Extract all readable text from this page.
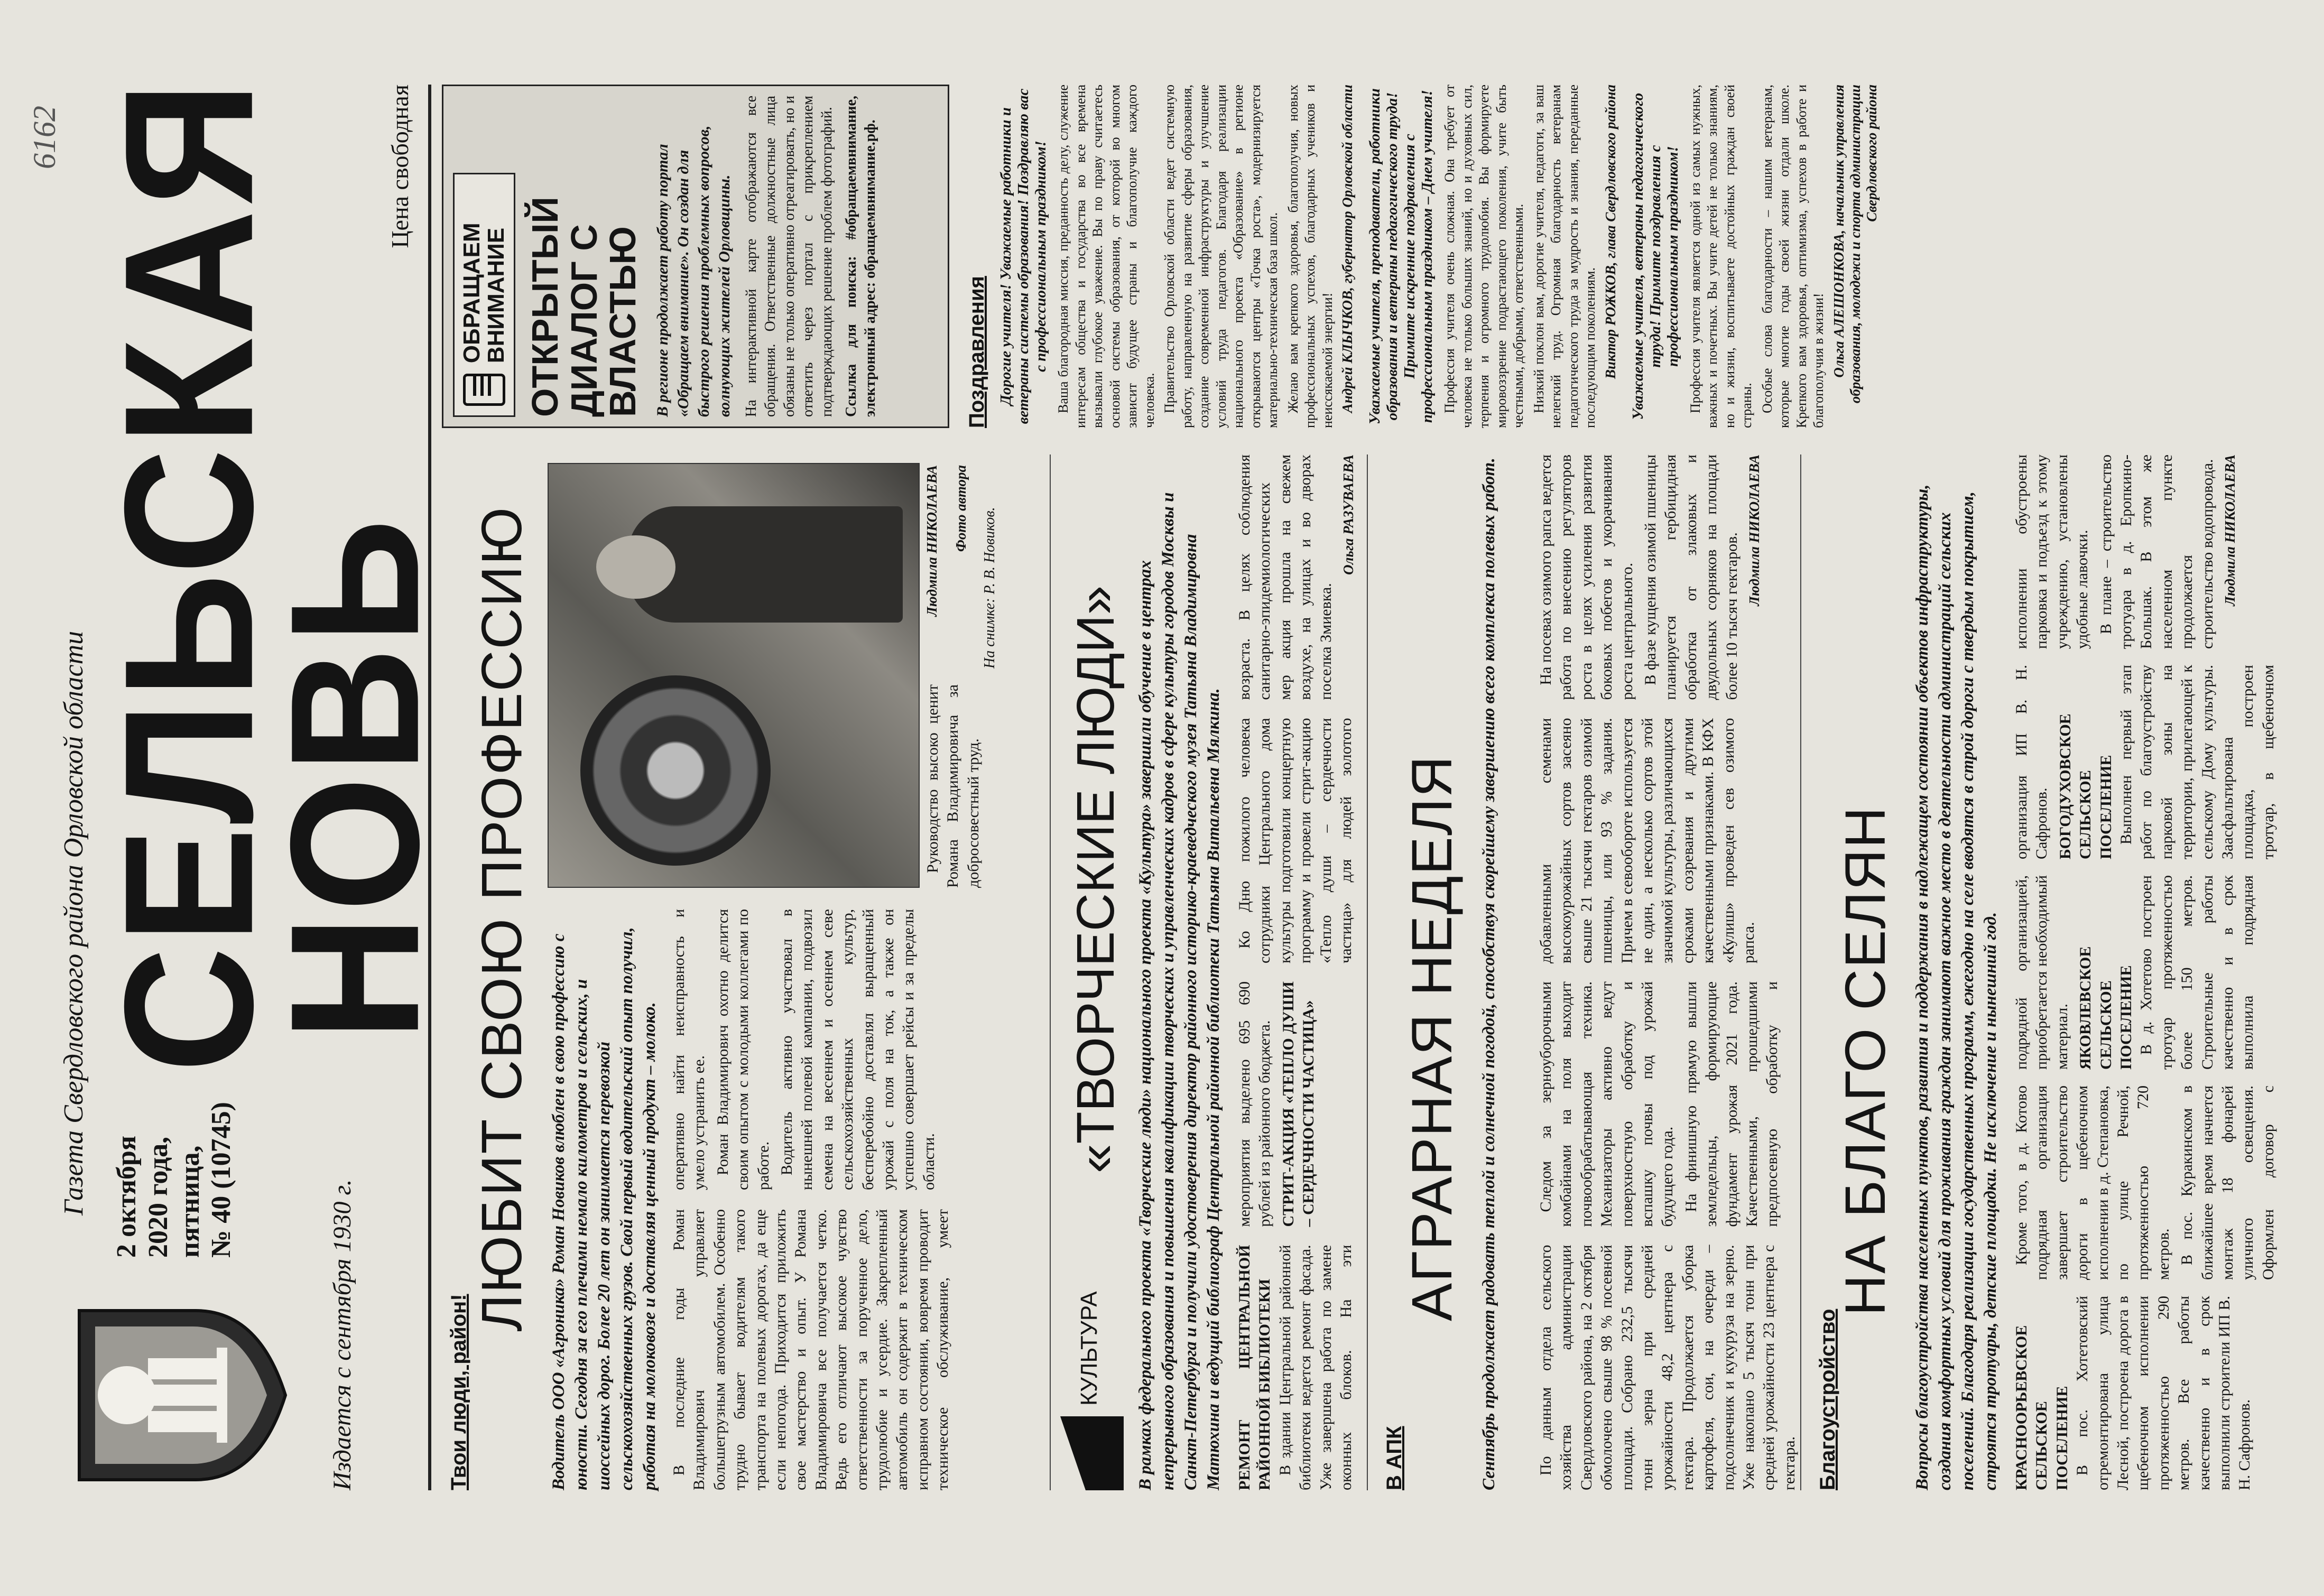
Газета Свердловского района Орловской области
6162
2 октября 2020 года, пятница, № 40 (10745)
СЕЛЬСКАЯ
НОВЬ
Издается с сентября 1930 г.
Цена свободная
Твои люди, район!
ЛЮБИТ СВОЮ ПРОФЕССИЮ Водитель ООО «Агроника» Роман Новиков влюблен в свою профессию с юности. Сегодня за его плечами немало километров и сельских, и шоссейных дорог. Более 20 лет он занимается перевозкой сельскохозяйственных грузов. Свой первый водительский опыт получил, работая на молоковозе и доставляя ценный продукт – молоко. В последние годы Роман Владимирович управляет большегрузным автомобилем. Особенно трудно бывает водителям такого транспорта на полевых дорогах, да еще если непогода. Приходится приложить свое мастерство и опыт. У Романа Владимировича все получается четко. Ведь его отличают высокое чувство ответственности за порученное дело, трудолюбие и усердие. Закрепленный автомобиль он содержит в техническом исправном состоянии, вовремя проводит техническое обслуживание, умеет оперативно найти неисправность и умело устранить ее. Роман Владимирович охотно делится своим опытом с молодыми коллегами по работе. Водитель активно участвовал в нынешней полевой кампании, подвозил семена на весеннем и осеннем севе сельскохозяйственных культур, бесперебойно доставлял выращенный урожай с поля на ток, а также он успешно совершает рейсы и за пределы области.

Руководство высоко ценит Романа Владимировича за добросовестный труд.

Людмила НИКОЛАЕВА Фото автора На снимке: Р. В. Новиков.
КУЛЬТУРА
«ТВОРЧЕСКИЕ ЛЮДИ» В рамках федерального проекта «Творческие люди» национального проекта «Культура» завершили обучение в центрах непрерывного образования и повышения квалификации творческих и управленческих кадров в сфере культуры городов Москвы и Санкт-Петербурга и получили удостоверения директор районного историко-краеведческого музея Татьяна Владимировна Матюхина и ведущий библиограф Центральной районной библиотеки Татьяна Витальевна Мялкина. РЕМОНТ ЦЕНТРАЛЬНОЙ РАЙОННОЙ БИБЛИОТЕКИ В здании Центральной районной библиотеки ведется ремонт фасада. Уже завершена работа по замене оконных блоков. На эти мероприятия выделено 695 690 рублей из районного бюджета. СТРИТ-АКЦИЯ «ТЕПЛО ДУШИ – СЕРДЕЧНОСТИ ЧАСТИЦА»

Ко Дню пожилого человека сотрудники Центрального дома культуры подготовили концертную программу и провели стрит-акцию «Тепло души – сердечности частица» для людей золотого возраста. В целях соблюдения санитарно-эпидемиологических мер акция прошла на свежем воздухе, на улицах и во дворах поселка Змиевка.

Ольга РАЗУВАЕВА
В АПК
АГРАРНАЯ НЕДЕЛЯ Сентябрь продолжает радовать теплой и солнечной погодой, способствуя скорейшему завершению всего комплекса полевых работ. По данным отдела сельского хозяйства администрации Свердловского района, на 2 октября обмолочено свыше 98 % посевной площади. Собрано 232,5 тысячи тонн зерна при средней урожайности 48,2 центнера с гектара. Продолжается уборка картофеля, сои, на очереди – подсолнечник и кукуруза на зерно. Уже накопано 5 тысяч тонн при средней урожайности 23 центнера с гектара.

Следом за зерноуборочными комбайнами на поля выходит почвообрабатывающая техника. Механизаторы активно ведут поверхностную обработку и вспашку почвы под урожай будущего года. На финишную прямую вышли земледельцы, формирующие фундамент урожая 2021 года. Качественными, прошедшими предпосевную обработку и добавленными семенами высокоурожайных сортов засеяно свыше 21 тысячи гектаров озимой пшеницы, или 93 % задания. Причем в севообороте используется не один, а несколько сортов этой значимой культуры, различающихся сроками созревания и другими качественными признаками. В КФХ «Кулиш» проведен сев озимого рапса.

На посевах озимого рапса ведется работа по внесению регуляторов роста в целях усиления развития боковых побегов и укорачивания роста центрального. В фазе кущения озимой пшеницы планируется гербицидная обработка от злаковых и двудольных сорняков на площади более 10 тысяч гектаров.

Людмила НИКОЛАЕВА
Благоустройство
НА БЛАГО СЕЛЯН Вопросы благоустройства населенных пунктов, развития и поддержания в надлежащем состоянии объектов инфраструктуры, создания комфортных условий для проживания граждан занимают важное место в деятельности администраций сельских поселений. Благодаря реализации государственных программ, ежегодно на селе вводятся в строй дороги с твердым покрытием, строятся тротуары, детские площадки. Не исключение и нынешний год. КРАСНООРЬЕВСКОЕ СЕЛЬСКОЕ ПОСЕЛЕНИЕ В пос. Хотетовский отремонтирована улица Лесной, построена дорога в щебеночном исполнении протяженностью 290 метров. Все работы качественно и в срок выполнили строители ИП В. Н. Сафронов.

Кроме того, в д. Котово подрядная организация завершает строительство дороги в щебеночном исполнении в д. Степановка, по улице Речной, протяженностью 720 метров. В пос. Куракинском в ближайшее время начнется монтаж 18 фонарей уличного освещения. Оформлен договор с подрядной организацией, приобретается необходимый материал. ЯКОВЛЕВСКОЕ СЕЛЬСКОЕ ПОСЕЛЕНИЕ В д. Хотетово построен тротуар протяженностью более 150 метров. Строительные работы качественно и в срок выполнила подрядная организация ИП В. Н. Сафронов. БОГОДУХОВСКОЕ СЕЛЬСКОЕ ПОСЕЛЕНИЕ Выполнен первый этап работ по благоустройству парковой зоны на территории, прилегающей к сельскому Дому культуры. Заасфальтирована площадка, построен тротуар, в щебеночном исполнении обустроены парковка и подъезд к этому учреждению, установлены удобные лавочки. В плане – строительство тротуара в д. Еропкино-Большак. В этом же населенном пункте продолжается строительство водопровода. Людмила НИКОЛАЕВА
ОБРАЩАЕМ ВНИМАНИЕ ОТКРЫТЫЙ ДИАЛОГ С ВЛАСТЬЮ В регионе продолжает работу портал «Обращаем внимание». Он создан для быстрого решения проблемных вопросов, волнующих жителей Орловщины. На интерактивной карте отображаются все обращения. Ответственные должностные лица обязаны не только оперативно отреагировать, но и ответить через портал с прикреплением подтверждающих решение проблем фотографий. Ссылка для поиска: #обращаемвнимание, электронный адрес: обращаемвнимание.рф.	Поздравления Дорогие учителя! Уважаемые работники и ветераны системы образования! Поздравляю вас с профессиональным праздником! Ваша благородная миссия, преданность делу, служение интересам общества и государства во все времена вызывали глубокое уважение. Вы по праву считаетесь основой системы образования, от которой во многом зависит будущее страны и благополучие каждого человека. Правительство Орловской области ведет системную работу, направленную на развитие сферы образования, создание современной инфраструктуры и улучшение условий труда педагогов. Благодаря реализации национального проекта «Образование» в регионе открываются центры «Точка роста», модернизируется материально-техническая база школ. Желаю вам крепкого здоровья, благополучия, новых профессиональных успехов, благодарных учеников и неиссякаемой энергии! Андрей КЛЫЧКОВ, губернатор Орловской области Уважаемые учителя, преподаватели, работники образования и ветераны педагогического труда! Примите искренние поздравления с профессиональным праздником – Днем учителя! Профессия учителя очень сложная. Она требует от человека не только больших знаний, но и духовных сил, терпения и огромного трудолюбия. Вы формируете мировоззрение подрастающего поколения, учите быть честными, добрыми, ответственными. Низкий поклон вам, дорогие учителя, педагоги, за ваш нелегкий труд. Огромная благодарность ветеранам педагогического труда за мудрость и знания, переданные последующим поколениям. Виктор РОЖКОВ, глава Свердловского района Уважаемые учителя, ветераны педагогического труда! Примите поздравления с профессиональным праздником! Профессия учителя является одной из самых нужных, важных и почетных. Вы учите детей не только знаниям, но и жизни, воспитываете достойных граждан своей страны. Особые слова благодарности – нашим ветеранам, которые многие годы своей жизни отдали школе. Крепкого вам здоровья, оптимизма, успехов в работе и благополучия в жизни! Ольга АЛЕШОНКОВА, начальник управления образования, молодежи и спорта администрации Свердловского района
